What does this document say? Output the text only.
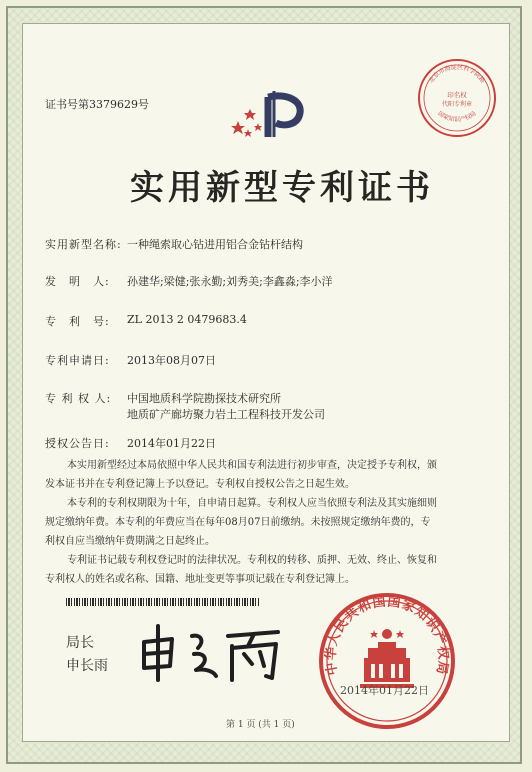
证书号第3379629号
北京市海淀区科学院路
印名权
代阳专利章
国家知识产权局
实用新型专利证书
实用新型名称: 一种绳索取心钻进用铝合金钻杆结构
发　明　人: 孙建华;梁健;张永勤;刘秀美;李鑫淼;李小洋
专　利　号: ZL 2013 2 0479683.4
专利申请日: 2013年08月07日
专 利 权 人: 中国地质科学院勘探技术研究所
地质矿产廊坊聚力岩土工程科技开发公司
授权公告日: 2014年01月22日
本实用新型经过本局依照中华人民共和国专利法进行初步审查，决定授予专利权，颁
发本证书并在专利登记簿上予以登记。专利权自授权公告之日起生效。
本专利的专利权期限为十年，自申请日起算。专利权人应当依照专利法及其实施细则
规定缴纳年费。本专利的年费应当在每年08月07日前缴纳。未按照规定缴纳年费的，专
利权自应当缴纳年费期满之日起终止。
专利证书记载专利权登记时的法律状况。专利权的转移、质押、无效、终止、恢复和
专利权人的姓名或名称、国籍、地址变更等事项记载在专利登记簿上。
局长
申长雨	中华人民共和国国家知识产权局
2014年01月22日
第 1 页 (共 1 页)
